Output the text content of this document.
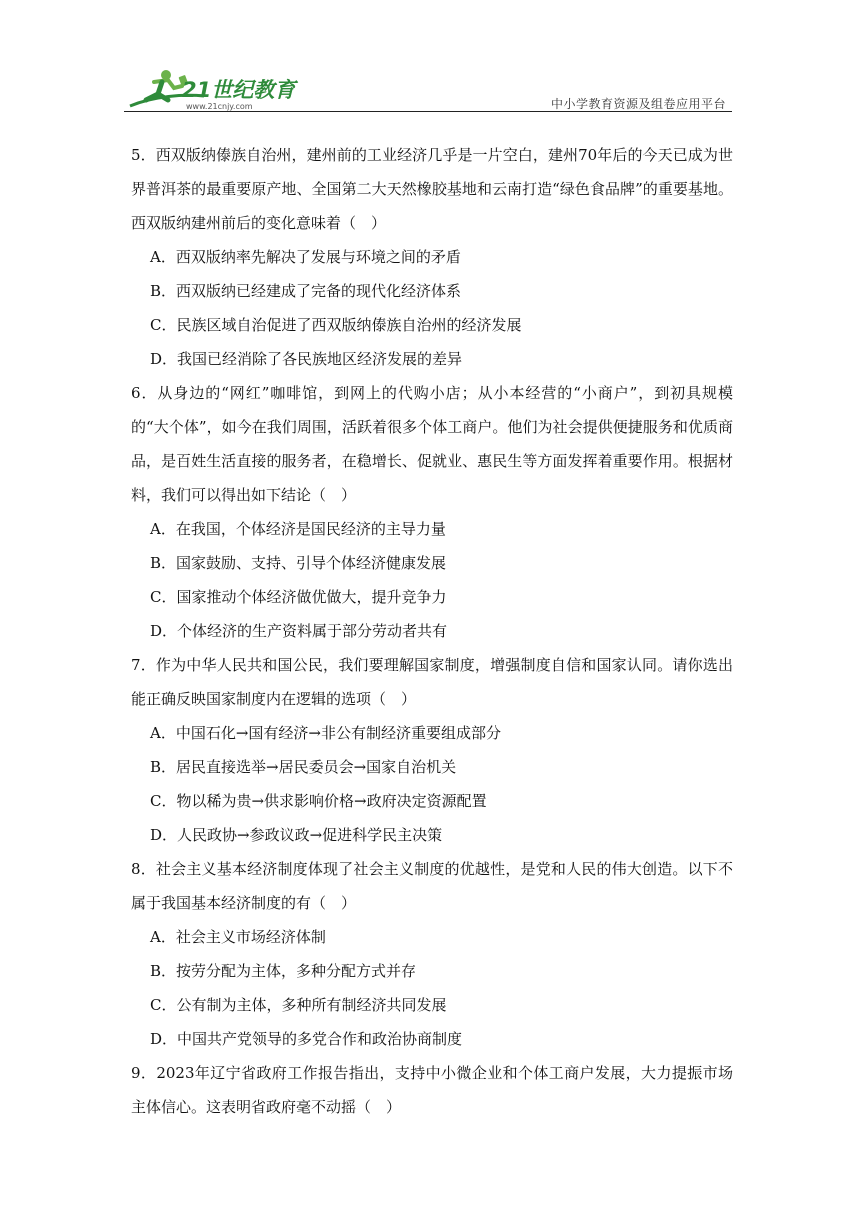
21世纪教育
www.21cnjy.com	中小学教育资源及组卷应用平台

5．西双版纳傣族自治州，建州前的工业经济几乎是一片空白，建州70年后的今天已成为世界普洱茶的最重要原产地、全国第二大天然橡胶基地和云南打造“绿色食品牌”的重要基地。西双版纳建州前后的变化意味着（　）

A．西双版纳率先解决了发展与环境之间的矛盾

B．西双版纳已经建成了完备的现代化经济体系

C．民族区域自治促进了西双版纳傣族自治州的经济发展

D．我国已经消除了各民族地区经济发展的差异

6．从身边的“网红”咖啡馆，到网上的代购小店；从小本经营的“小商户”，到初具规模的“大个体”，如今在我们周围，活跃着很多个体工商户。他们为社会提供便捷服务和优质商品，是百姓生活直接的服务者，在稳增长、促就业、惠民生等方面发挥着重要作用。根据材料，我们可以得出如下结论（　）

A．在我国，个体经济是国民经济的主导力量

B．国家鼓励、支持、引导个体经济健康发展

C．国家推动个体经济做优做大，提升竞争力

D．个体经济的生产资料属于部分劳动者共有

7．作为中华人民共和国公民，我们要理解国家制度，增强制度自信和国家认同。请你选出能正确反映国家制度内在逻辑的选项（　）

A．中国石化→国有经济→非公有制经济重要组成部分

B．居民直接选举→居民委员会→国家自治机关

C．物以稀为贵→供求影响价格→政府决定资源配置

D．人民政协→参政议政→促进科学民主决策

8．社会主义基本经济制度体现了社会主义制度的优越性，是党和人民的伟大创造。以下不属于我国基本经济制度的有（　）

A．社会主义市场经济体制

B．按劳分配为主体，多种分配方式并存

C．公有制为主体，多种所有制经济共同发展

D．中国共产党领导的多党合作和政治协商制度

9．2023年辽宁省政府工作报告指出，支持中小微企业和个体工商户发展，大力提振市场主体信心。这表明省政府毫不动摇（　）
